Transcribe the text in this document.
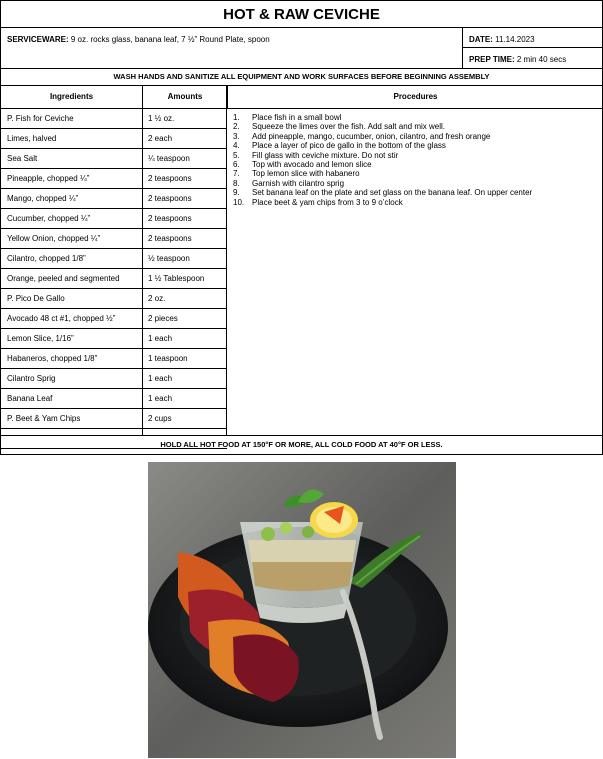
HOT & RAW CEVICHE
SERVICEWARE: 9 oz. rocks glass, banana leaf, 7 ½” Round Plate, spoon	DATE: 11.14.2023
PREP TIME: 2 min 40 secs
WASH HANDS AND SANITIZE ALL EQUIPMENT AND WORK SURFACES BEFORE BEGINNING ASSEMBLY
Ingredients	Amounts	Procedures
P. Fish for Ceviche	1 ½ oz.
Limes, halved	2 each
Sea Salt	¼ teaspoon
Pineapple, chopped ¼”	2 teaspoons
Mango, chopped ¼”	2 teaspoons
Cucumber, chopped ¼”	2 teaspoons
Yellow Onion, chopped ¼”	2 teaspoons
Cilantro, chopped 1/8”	½ teaspoon
Orange, peeled and segmented	1 ½ Tablespoon
P. Pico De Gallo	2 oz.
Avocado 48 ct #1, chopped ½”	2 pieces
Lemon Slice, 1/16”	1 each
Habaneros, chopped 1/8”	1 teaspoon
Cilantro Sprig	1 each
Banana Leaf	1 each
P. Beet & Yam Chips	2 cups
1.	Place fish in a small bowl
2.	Squeeze the limes over the fish. Add salt and mix well.
3.	Add pineapple, mango, cucumber, onion, cilantro, and fresh orange
4.	Place a layer of pico de gallo in the bottom of the glass
5.	Fill glass with ceviche mixture. Do not stir
6.	Top with avocado and lemon slice
7.	Top lemon slice with habanero
8.	Garnish with cilantro sprig
9.	Set banana leaf on the plate and set glass on the banana leaf. On upper center
10. Place beet & yam chips from 3 to 9 o’clock
HOLD ALL HOT FOOD AT 150°F OR MORE, ALL COLD FOOD AT 40°F OR LESS.
